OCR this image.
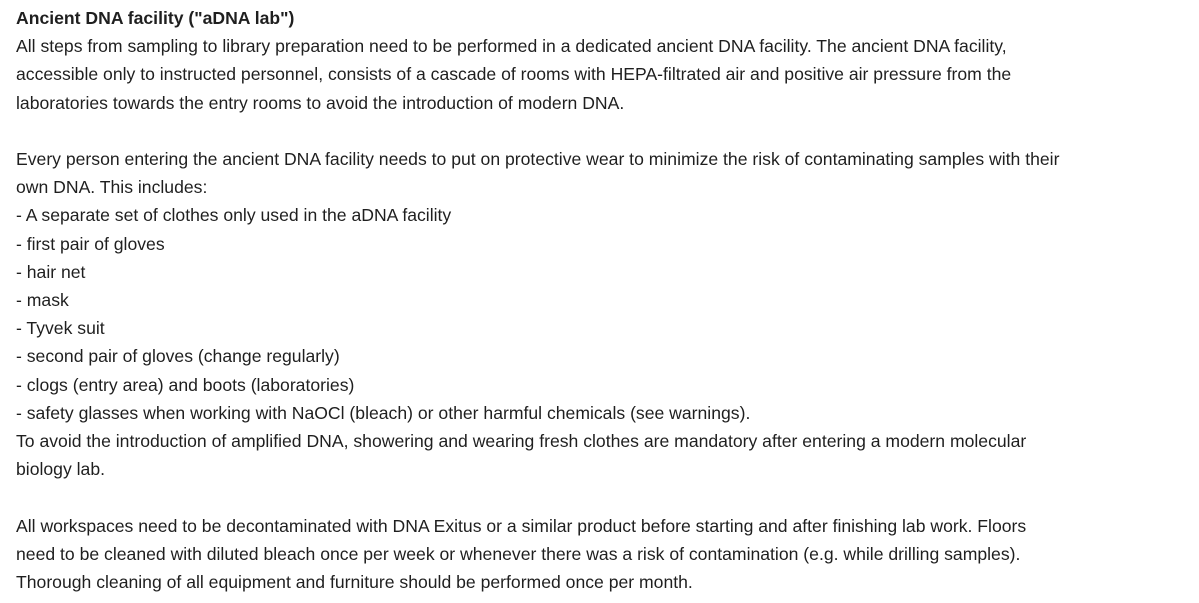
Ancient DNA facility ("aDNA lab")

All steps from sampling to library preparation need to be performed in a dedicated ancient DNA facility. The ancient DNA facility,
accessible only to instructed personnel, consists of a cascade of rooms with HEPA-filtrated air and positive air pressure from the
laboratories towards the entry rooms to avoid the introduction of modern DNA.

Every person entering the ancient DNA facility needs to put on protective wear to minimize the risk of contaminating samples with their
own DNA. This includes:

- A separate set of clothes only used in the aDNA facility
- first pair of gloves
- hair net
- mask
- Tyvek suit
- second pair of gloves (change regularly)
- clogs (entry area) and boots (laboratories)
- safety glasses when working with NaOCl (bleach) or other harmful chemicals (see warnings).

To avoid the introduction of amplified DNA, showering and wearing fresh clothes are mandatory after entering a modern molecular
biology lab.

All workspaces need to be decontaminated with DNA Exitus or a similar product before starting and after finishing lab work. Floors
need to be cleaned with diluted bleach once per week or whenever there was a risk of contamination (e.g. while drilling samples).
Thorough cleaning of all equipment and furniture should be performed once per month.
